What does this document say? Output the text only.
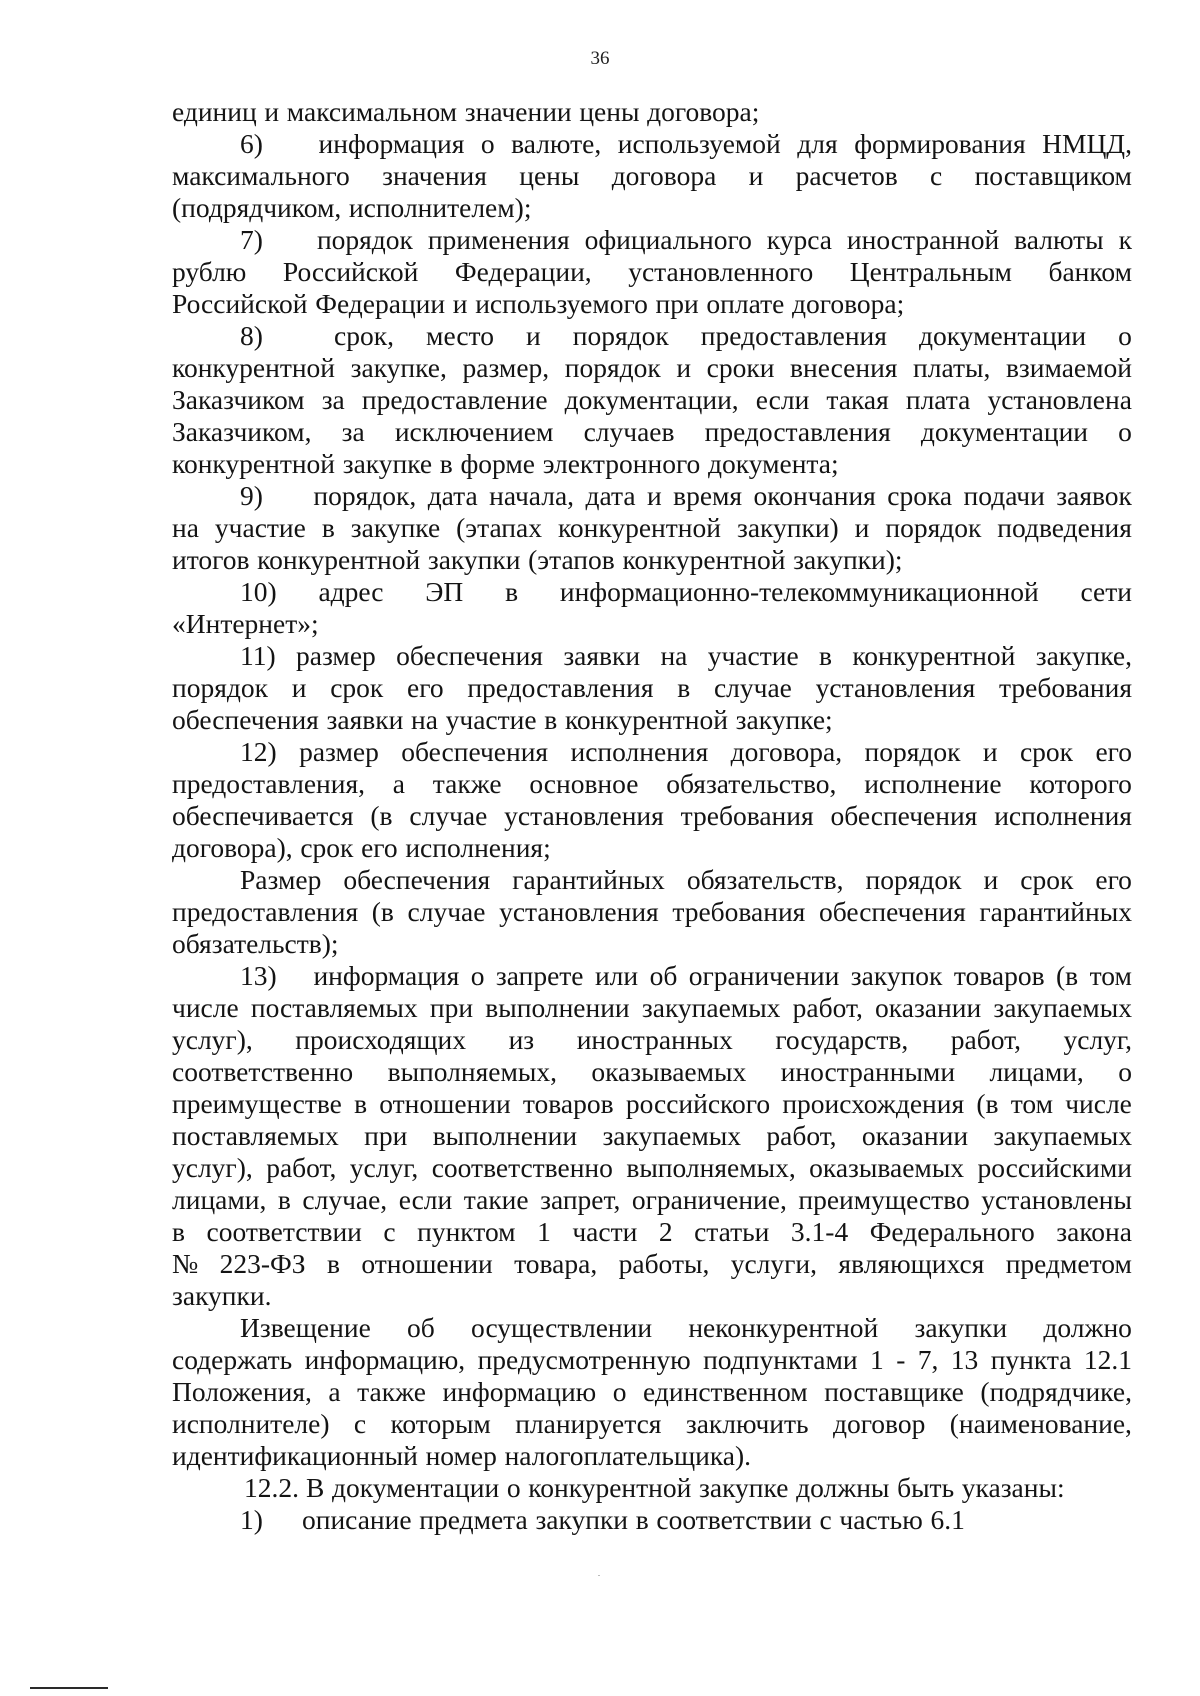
36
единиц и максимальном значении цены договора;
6)	информация о валюте, используемой для формирования НМЦД,
максимального значения цены договора и расчетов с поставщиком
(подрядчиком, исполнителем);
7)	порядок применения официального курса иностранной валюты к
рублю Российской Федерации, установленного Центральным банком
Российской Федерации и используемого при оплате договора;
8)	срок, место и порядок предоставления документации о
конкурентной закупке, размер, порядок и сроки внесения платы, взимаемой
Заказчиком за предоставление документации, если такая плата установлена
Заказчиком, за исключением случаев предоставления документации о
конкурентной закупке в форме электронного документа;
9)	порядок, дата начала, дата и время окончания срока подачи заявок
на участие в закупке (этапах конкурентной закупки) и порядок подведения
итогов конкурентной закупки (этапов конкурентной закупки);
10) адрес ЭП в информационно-телекоммуникационной сети
«Интернет»;
11) размер обеспечения заявки на участие в конкурентной закупке,
порядок и срок его предоставления в случае установления требования
обеспечения заявки на участие в конкурентной закупке;
12) размер обеспечения исполнения договора, порядок и срок его
предоставления, а также основное обязательство, исполнение которого
обеспечивается (в случае установления требования обеспечения исполнения
договора), срок его исполнения;
Размер обеспечения гарантийных обязательств, порядок и срок его
предоставления (в случае установления требования обеспечения гарантийных
обязательств);
13)	информация о запрете или об ограничении закупок товаров (в том
числе поставляемых при выполнении закупаемых работ, оказании закупаемых
услуг), происходящих из иностранных государств, работ, услуг,
соответственно выполняемых, оказываемых иностранными лицами, о
преимуществе в отношении товаров российского происхождения (в том числе
поставляемых при выполнении закупаемых работ, оказании закупаемых
услуг), работ, услуг, соответственно выполняемых, оказываемых российскими
лицами, в случае, если такие запрет, ограничение, преимущество установлены
в соответствии с пунктом 1 части 2 статьи 3.1-4 Федерального закона
№ 223-ФЗ в отношении товара, работы, услуги, являющихся предметом
закупки.
Извещение об осуществлении неконкурентной закупки должно
содержать информацию, предусмотренную подпунктами 1 - 7, 13 пункта 12.1
Положения, а также информацию о единственном поставщике (подрядчике,
исполнителе) с которым планируется заключить договор (наименование,
идентификационный номер налогоплательщика).
12.2. В документации о конкурентной закупке должны быть указаны:
1)	описание предмета закупки в соответствии с частью 6.1
